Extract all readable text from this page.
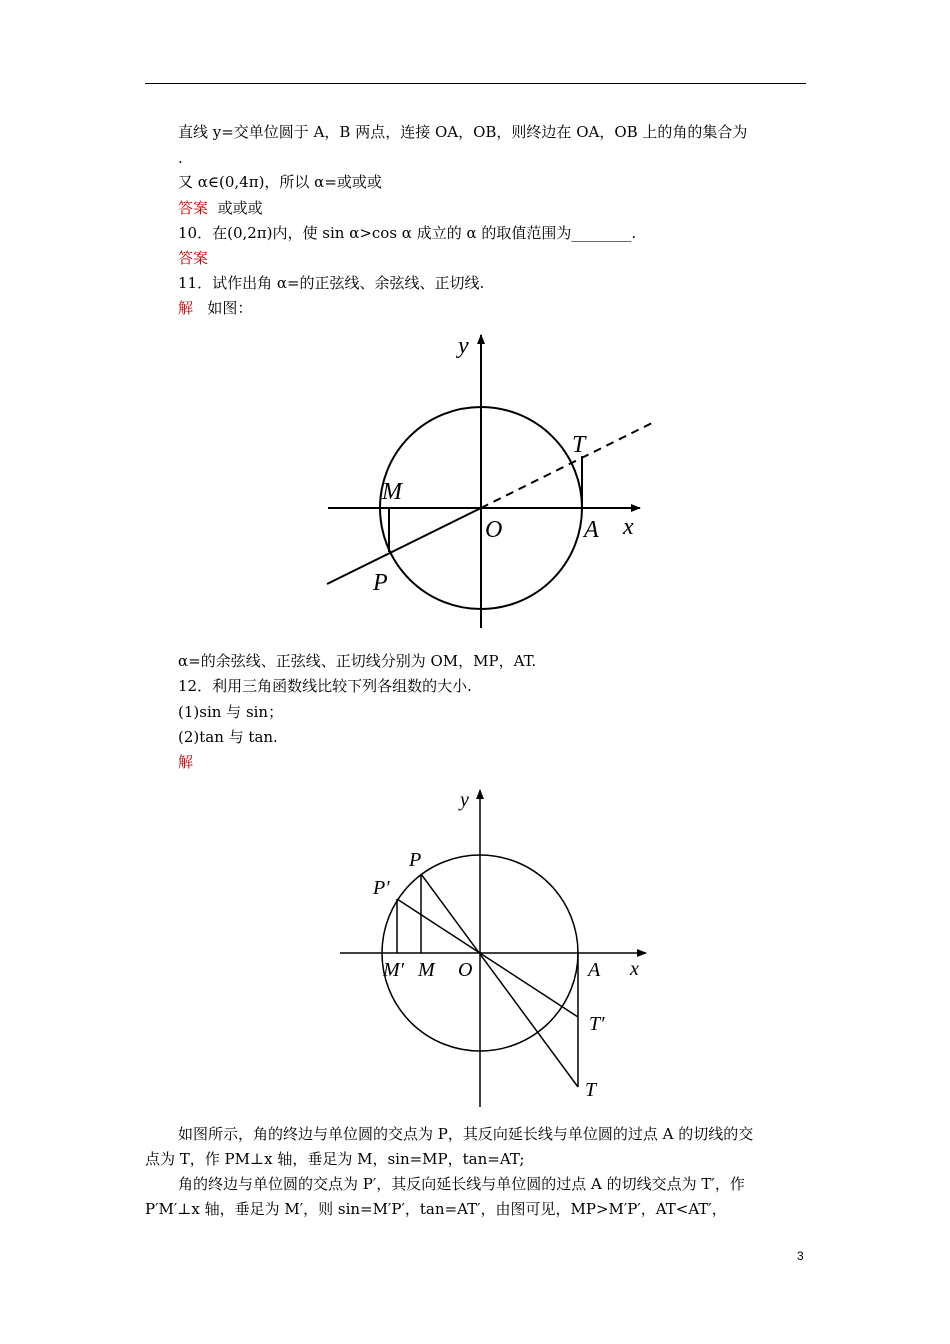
直线 y=交单位圆于 A，B 两点，连接 OA，OB，则终边在 OA，OB 上的角的集合为
.
又 α∈(0,4π)，所以 α=或或或
答案 或或或
10．在(0,2π)内，使 sin α>cos α 成立的 α 的取值范围为________.
答案
11．试作出角 α=的正弦线、余弦线、正切线.
解 如图：
y
x
T
M
O	A
P
α=的余弦线、正弦线、正切线分别为 OM，MP，AT.
12．利用三角函数线比较下列各组数的大小.
(1)sin 与 sin；
(2)tan 与 tan.
解
y
x
P
P′
M′ M O	A
T′
T
如图所示，角的终边与单位圆的交点为 P，其反向延长线与单位圆的过点 A 的切线的交
点为 T，作 PM⊥x 轴，垂足为 M，sin=MP，tan=AT;
角的终边与单位圆的交点为 P′，其反向延长线与单位圆的过点 A 的切线交点为 T′，作
P′M′⊥x 轴，垂足为 M′，则 sin=M′P′，tan=AT′，由图可见，MP>M′P′，AT<AT′，
3
